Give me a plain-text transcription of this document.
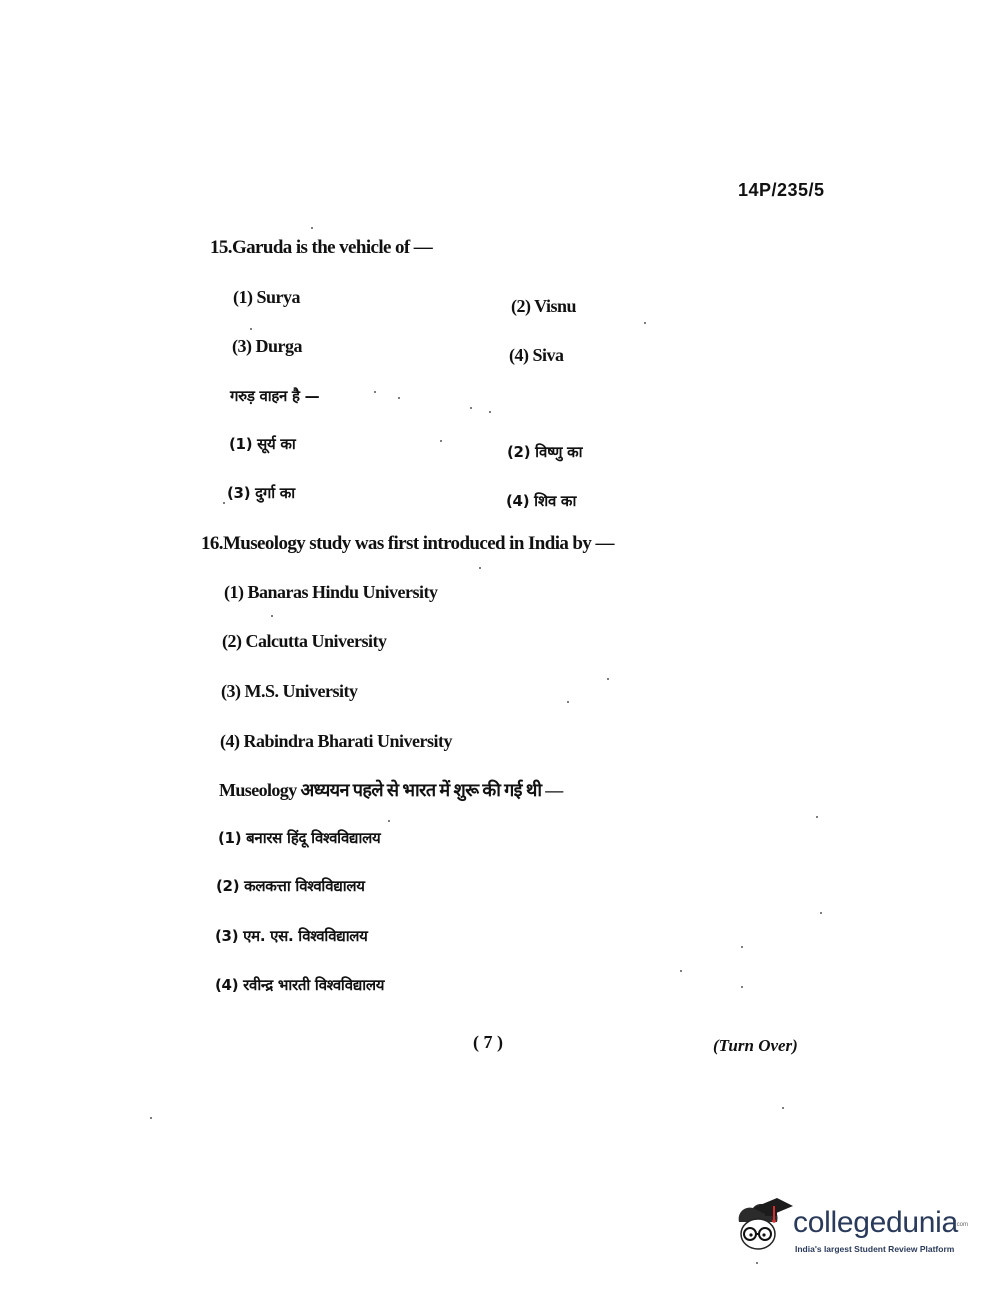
14P/235/5
15.Garuda is the vehicle of —
(1) Surya	(2) Visnu
(3) Durga	(4) Siva
गरुड़ वाहन है —
(1) सूर्य का	(2) विष्णु का
(3) दुर्गा का	(4) शिव का
16.Museology study was first introduced in India by —
(1) Banaras Hindu University
(2) Calcutta University
(3) M.S. University
(4) Rabindra Bharati University
Museology अध्ययन पहले से भारत में शुरू की गई थी —
(1) बनारस हिंदू विश्वविद्यालय
(2) कलकत्ता विश्वविद्यालय
(3) एम. एस. विश्वविद्यालय
(4) रवीन्द्र भारती विश्वविद्यालय
( 7 )	(Turn Over)
collegedunia
.com
India's largest Student Review Platform
